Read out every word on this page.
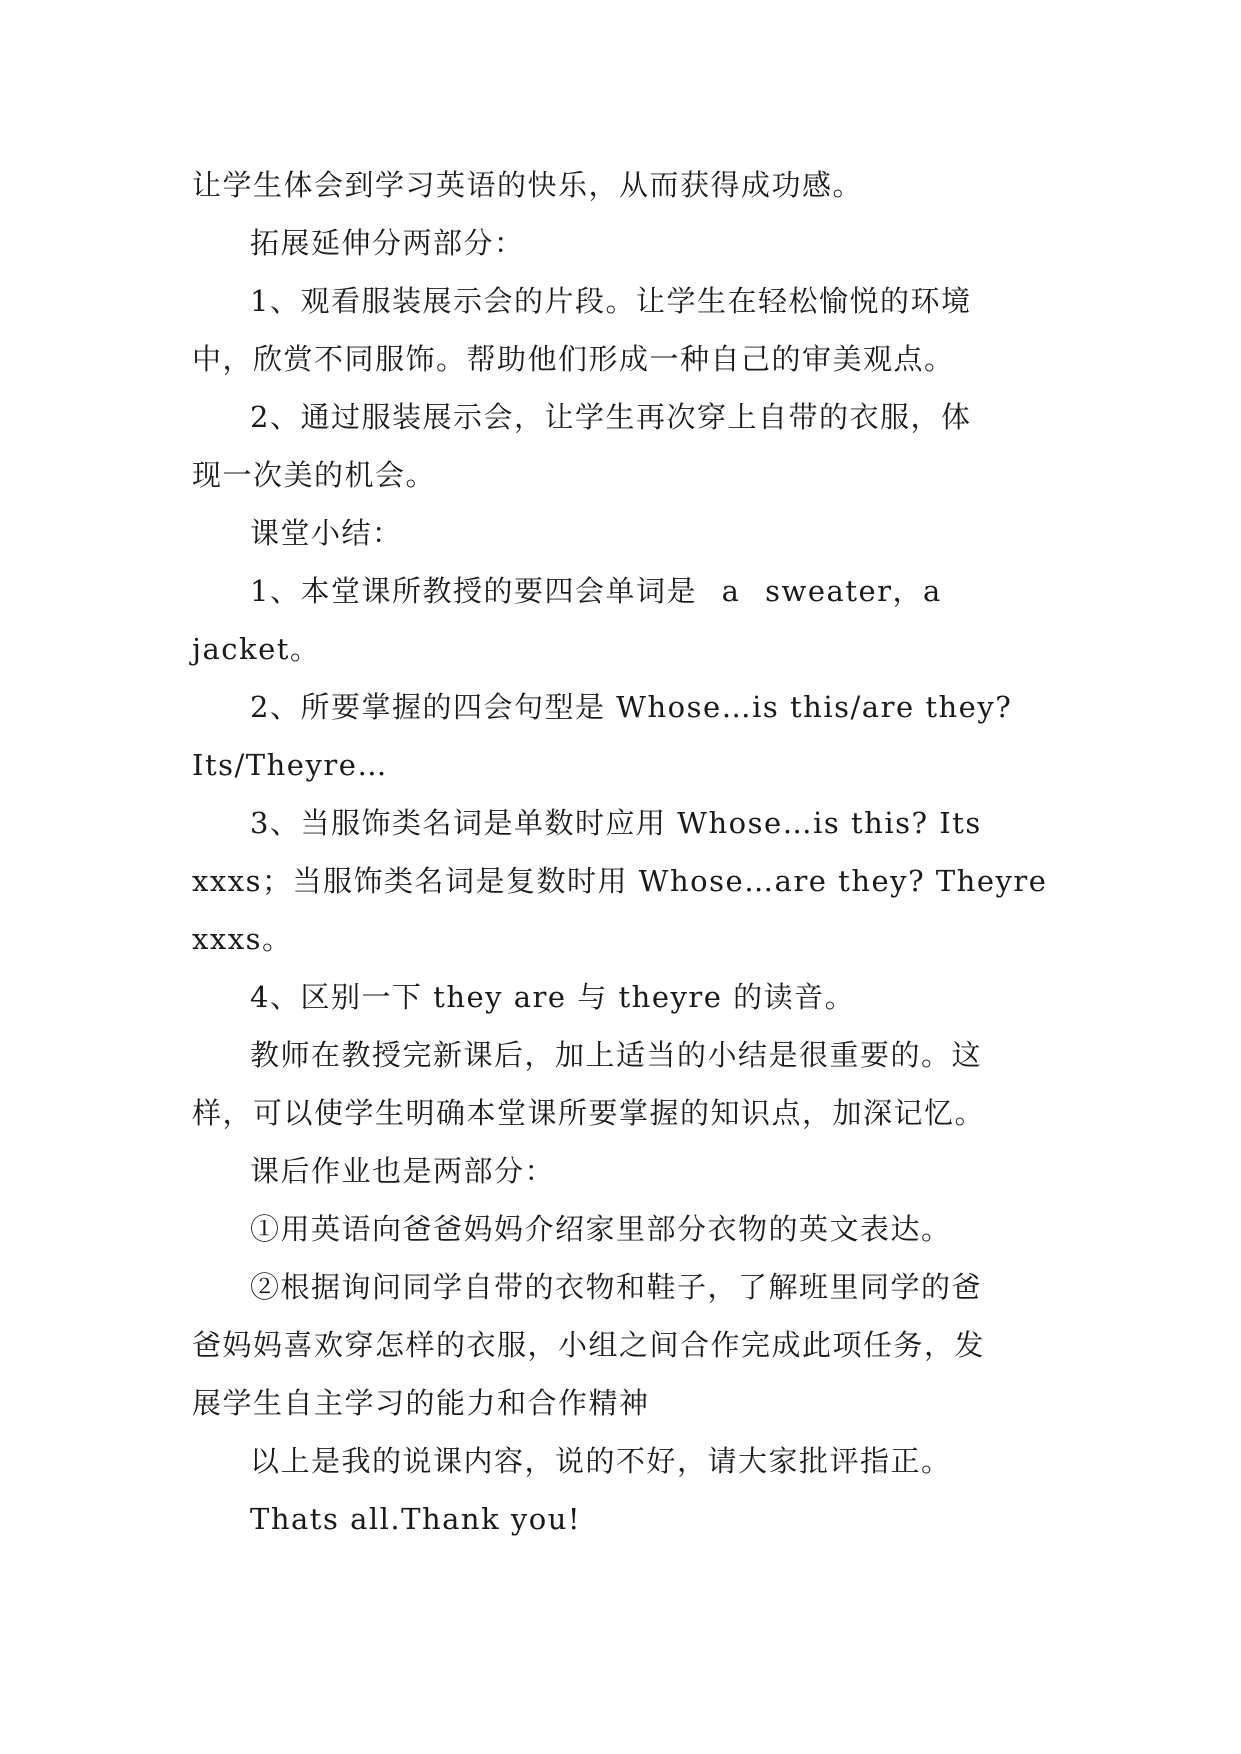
让学生体会到学习英语的快乐，从而获得成功感。

拓展延伸分两部分：

1、观看服装展示会的片段。让学生在轻松愉悦的环境
中，欣赏不同服饰。帮助他们形成一种自己的审美观点。

2、通过服装展示会，让学生再次穿上自带的衣服，体
现一次美的机会。

课堂小结：

1、本堂课所教授的要四会单词是 a sweater，a
jacket。

2、所要掌握的四会句型是 Whose…is this/are they?
Its/Theyre…

3、当服饰类名词是单数时应用 Whose…is this? Its
xxxs；当服饰类名词是复数时用 Whose…are they? Theyre
xxxs。

4、区别一下 they are 与 theyre 的读音。

教师在教授完新课后，加上适当的小结是很重要的。这
样，可以使学生明确本堂课所要掌握的知识点，加深记忆。

课后作业也是两部分：

①用英语向爸爸妈妈介绍家里部分衣物的英文表达。

②根据询问同学自带的衣物和鞋子，了解班里同学的爸
爸妈妈喜欢穿怎样的衣服，小组之间合作完成此项任务，发
展学生自主学习的能力和合作精神

以上是我的说课内容，说的不好，请大家批评指正。

Thats all.Thank you!
